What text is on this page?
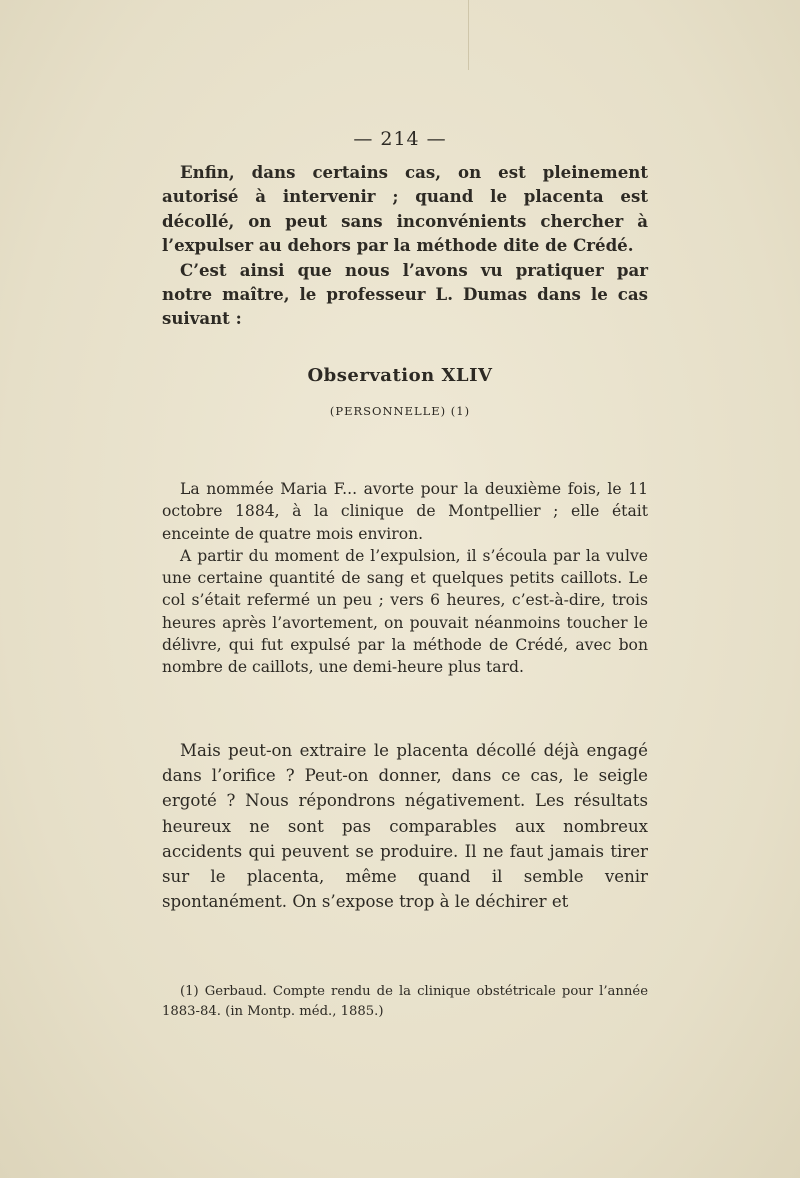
— 214 —

Enfin, dans certains cas, on est pleinement autorisé à intervenir ; quand le placenta est décollé, on peut sans inconvénients chercher à l’expulser au dehors par la méthode dite de Crédé.

C’est ainsi que nous l’avons vu pratiquer par notre maître, le professeur L. Dumas dans le cas suivant :

Observation XLIV
(PERSONNELLE) (1)

La nommée Maria F... avorte pour la deuxième fois, le 11 octobre 1884, à la clinique de Montpellier ; elle était enceinte de quatre mois environ.

A partir du moment de l’expulsion, il s’écoula par la vulve une certaine quantité de sang et quelques petits caillots. Le col s’était refermé un peu ; vers 6 heures, c’est-à-dire, trois heures après l’avortement, on pouvait néanmoins toucher le délivre, qui fut expulsé par la méthode de Crédé, avec bon nombre de caillots, une demi-heure plus tard.

Mais peut-on extraire le placenta décollé déjà engagé dans l’orifice ? Peut-on donner, dans ce cas, le seigle ergoté ? Nous répondrons négativement. Les résultats heureux ne sont pas comparables aux nombreux accidents qui peuvent se produire. Il ne faut jamais tirer sur le placenta, même quand il semble venir spontanément. On s’expose trop à le déchirer et

(1) Gerbaud. Compte rendu de la clinique obstétricale pour l’année 1883-84. (in Montp. méd., 1885.)
